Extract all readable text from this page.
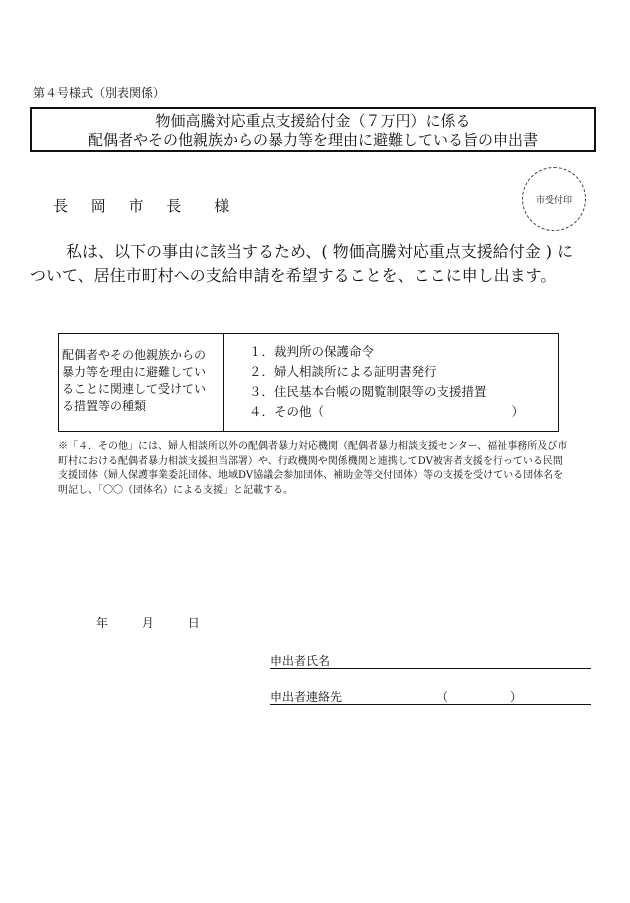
第４号様式（別表関係）
物価高騰対応重点支援給付金（７万円）に係る
配偶者やその他親族からの暴力等を理由に避難している旨の申出書
市受付印
長 岡 市 長　様
私は、以下の事由に該当するため、( 物価高騰対応重点支援給付金 ) に
ついて、居住市町村への支給申請を希望することを、ここに申し出ます。
配偶者やその他親族からの
暴力等を理由に避難してい
ることに関連して受けてい
る措置等の種類
１．裁判所の保護命令
２．婦人相談所による証明書発行
３．住民基本台帳の閲覧制限等の支援措置
４．その他（　　　　　　　　　　　　　　　）
※「４．その他」には、婦人相談所以外の配偶者暴力対応機関（配偶者暴力相談支援センター、福祉事務所及び市町村における配偶者暴力相談支援担当部署）や、行政機関や関係機関と連携してDV被害者支援を行っている民間支援団体（婦人保護事業委託団体、地域DV協議会参加団体、補助金等交付団体）等の支援を受けている団体名を明記し、「〇〇（団体名）による支援」と記載する。
年	月	日
申出者氏名
申出者連絡先	（	）
